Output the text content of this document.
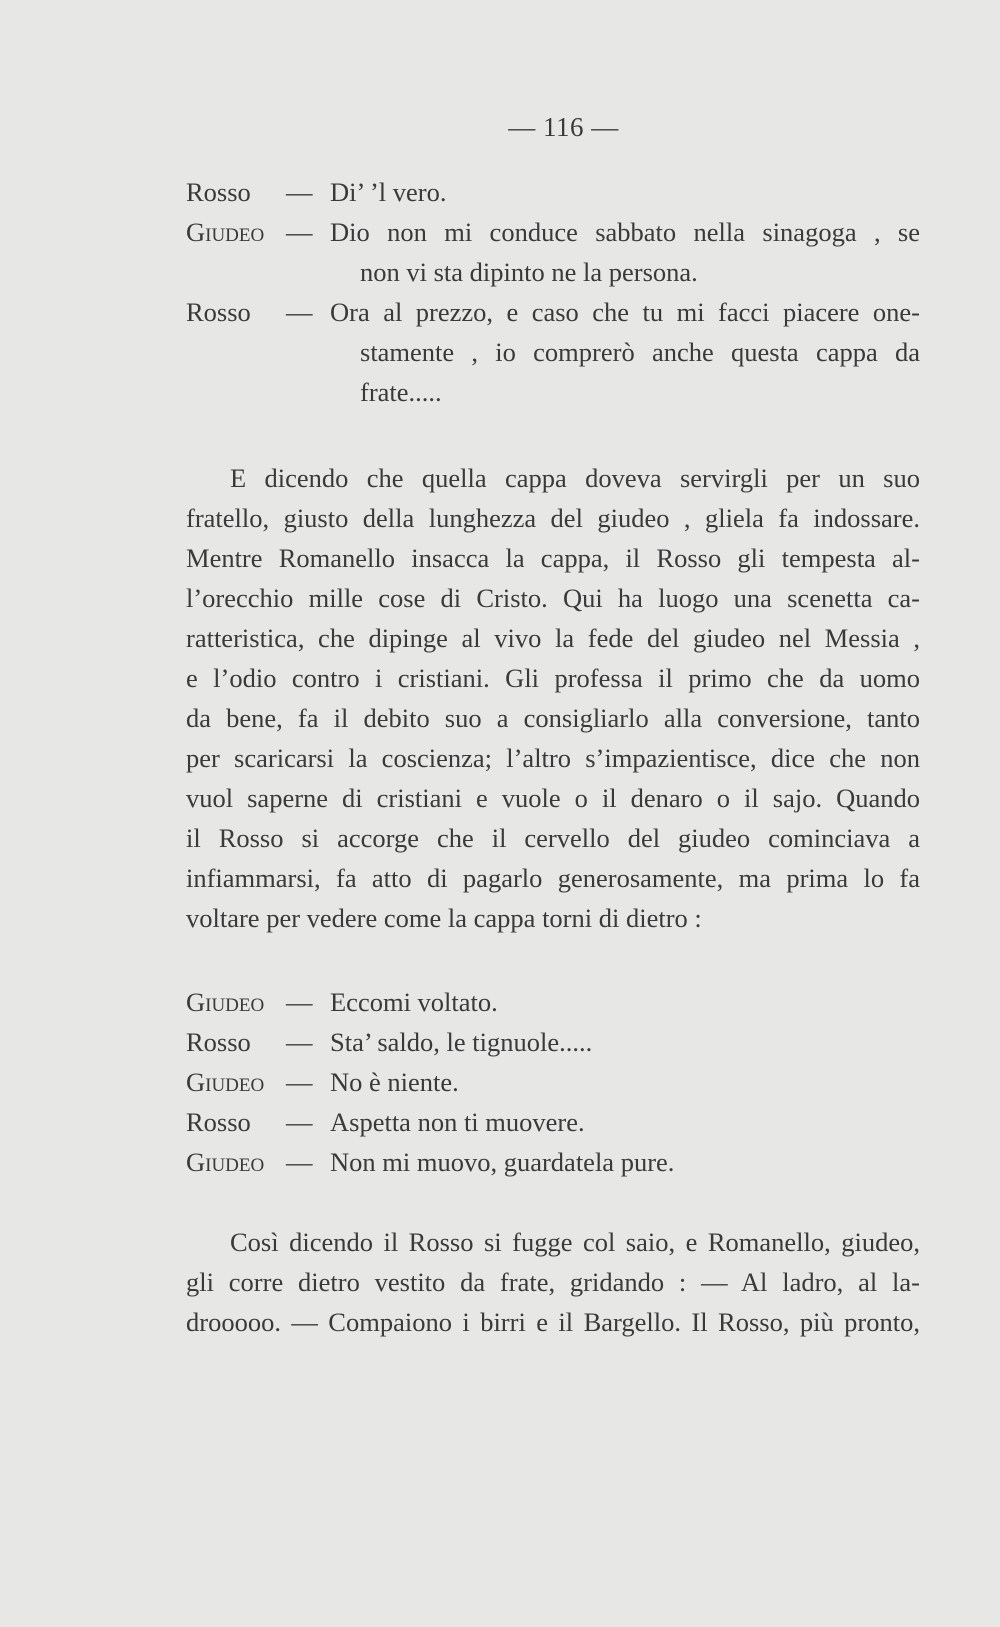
— 116 —
Rosso	— Di’ ’l vero.
Giudeo — Dio non mi conduce sabbato nella sinagoga , se
non vi sta dipinto ne la persona.
Rosso	— Ora al prezzo, e caso che tu mi facci piacere one-
stamente , io comprerò anche questa cappa da
frate.....

E dicendo che quella cappa doveva servirgli per un suo
fratello, giusto della lunghezza del giudeo , gliela fa indossare.
Mentre Romanello insacca la cappa, il Rosso gli tempesta al-
l’orecchio mille cose di Cristo. Qui ha luogo una scenetta ca-
ratteristica, che dipinge al vivo la fede del giudeo nel Messia ,
e l’odio contro i cristiani. Gli professa il primo che da uomo
da bene, fa il debito suo a consigliarlo alla conversione, tanto
per scaricarsi la coscienza; l’altro s’impazientisce, dice che non
vuol saperne di cristiani e vuole o il denaro o il sajo. Quando
il Rosso si accorge che il cervello del giudeo cominciava a
infiammarsi, fa atto di pagarlo generosamente, ma prima lo fa
voltare per vedere come la cappa torni di dietro :

Giudeo — Eccomi voltato.
Rosso	— Sta’ saldo, le tignuole.....
Giudeo — No è niente.
Rosso	— Aspetta non ti muovere.
Giudeo — Non mi muovo, guardatela pure.

Così dicendo il Rosso si fugge col saio, e Romanello, giudeo,
gli corre dietro vestito da frate, gridando : — Al ladro, al la-
drooooo. — Compaiono i birri e il Bargello. Il Rosso, più pronto,
